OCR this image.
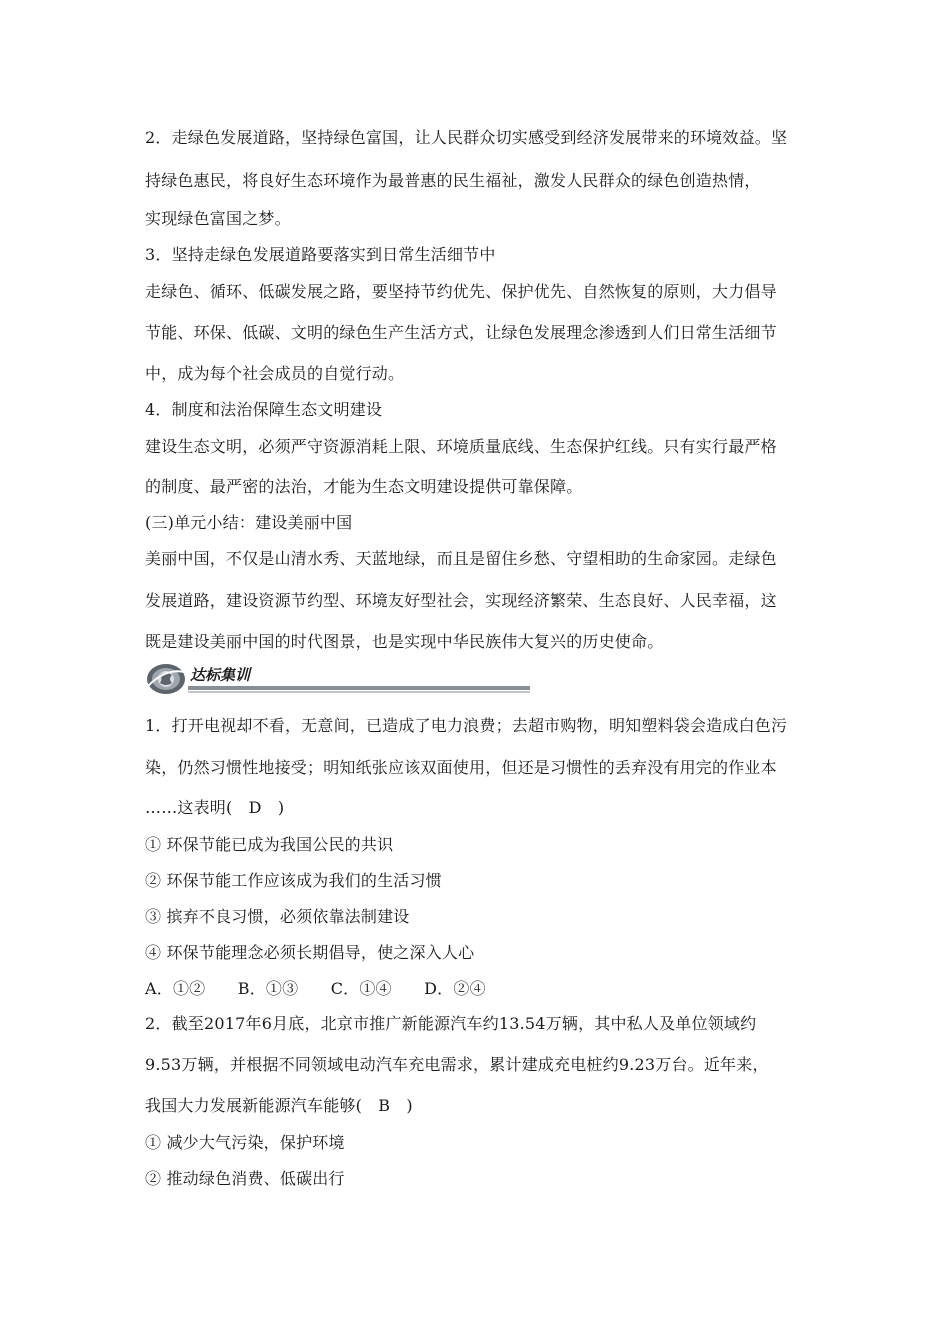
2．走绿色发展道路，坚持绿色富国，让人民群众切实感受到经济发展带来的环境效益。坚
持绿色惠民，将良好生态环境作为最普惠的民生福祉，激发人民群众的绿色创造热情，
实现绿色富国之梦。
3．坚持走绿色发展道路要落实到日常生活细节中
走绿色、循环、低碳发展之路，要坚持节约优先、保护优先、自然恢复的原则，大力倡导
节能、环保、低碳、文明的绿色生产生活方式，让绿色发展理念渗透到人们日常生活细节
中，成为每个社会成员的自觉行动。
4．制度和法治保障生态文明建设
建设生态文明，必须严守资源消耗上限、环境质量底线、生态保护红线。只有实行最严格
的制度、最严密的法治，才能为生态文明建设提供可靠保障。
(三)单元小结：建设美丽中国
美丽中国，不仅是山清水秀、天蓝地绿，而且是留住乡愁、守望相助的生命家园。走绿色
发展道路，建设资源节约型、环境友好型社会，实现经济繁荣、生态良好、人民幸福，这
既是建设美丽中国的时代图景，也是实现中华民族伟大复兴的历史使命。
达标集训
1．打开电视却不看，无意间，已造成了电力浪费；去超市购物，明知塑料袋会造成白色污
染，仍然习惯性地接受；明知纸张应该双面使用，但还是习惯性的丢弃没有用完的作业本
……这表明(　D　)
① 环保节能已成为我国公民的共识
② 环保节能工作应该成为我们的生活习惯
③ 摈弃不良习惯，必须依靠法制建设
④ 环保节能理念必须长期倡导，使之深入人心
A．①②　　B．①③　　C．①④　　D．②④
2．截至2017年6月底，北京市推广新能源汽车约13.54万辆，其中私人及单位领域约
9.53万辆，并根据不同领域电动汽车充电需求，累计建成充电桩约9.23万台。近年来，
我国大力发展新能源汽车能够(　B　)
① 减少大气污染，保护环境
② 推动绿色消费、低碳出行
